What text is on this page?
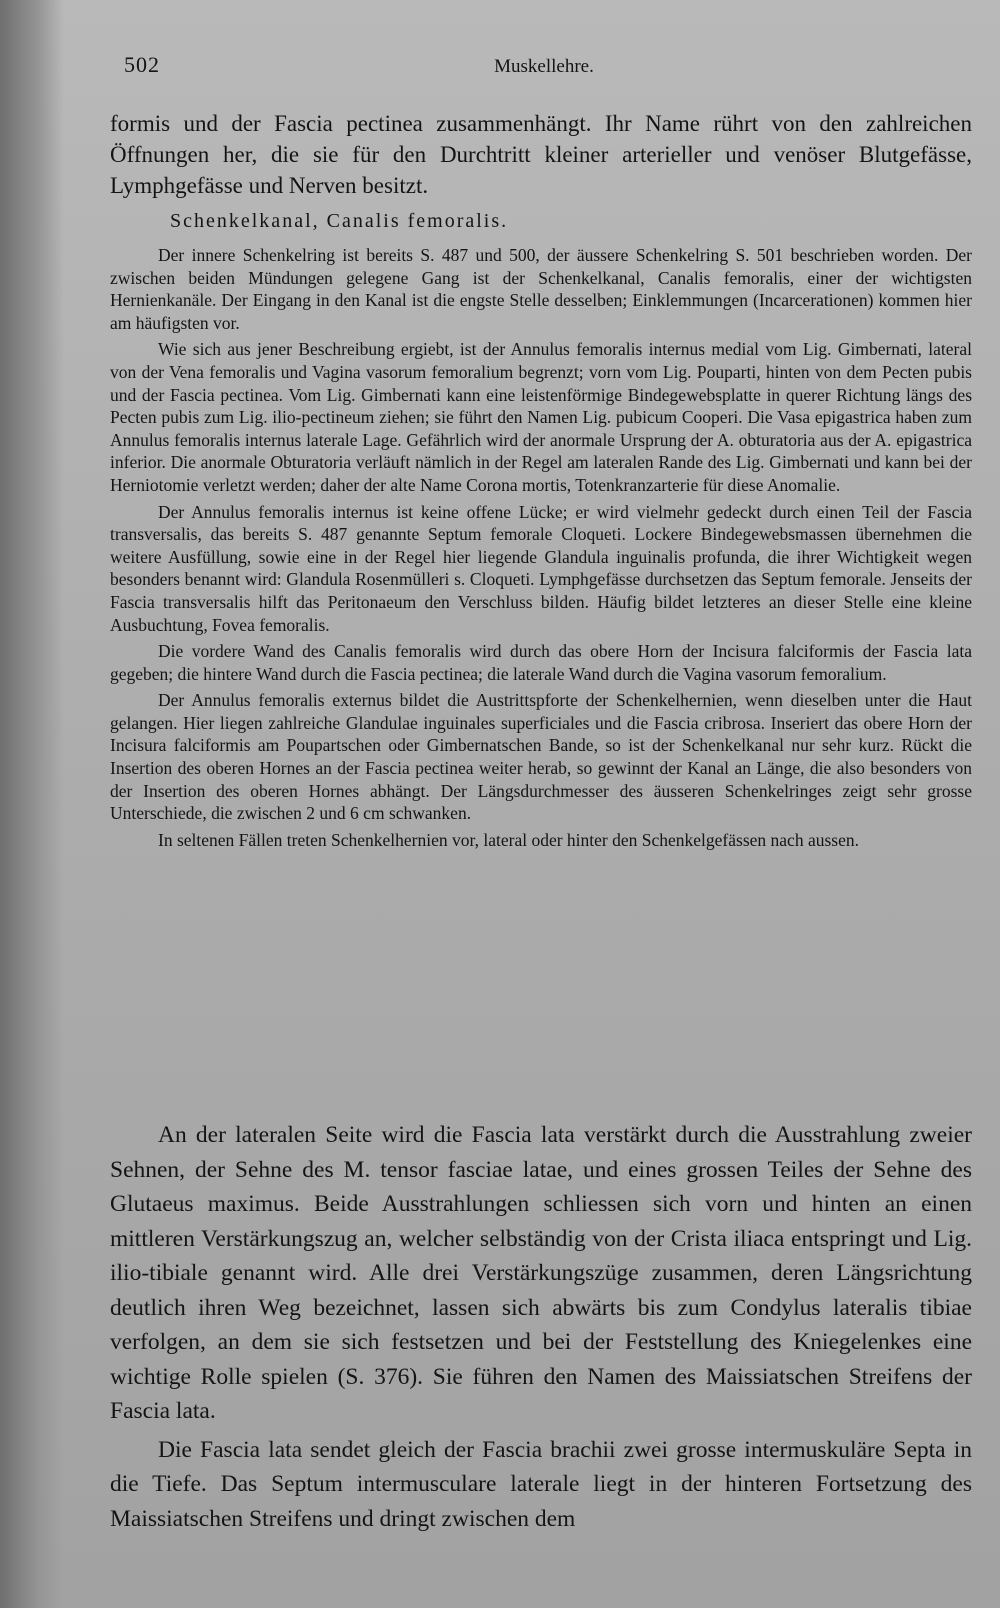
502	Muskellehre.
formis und der Fascia pectinea zusammenhängt. Ihr Name rührt von den zahlreichen Öffnungen her, die sie für den Durchtritt kleiner arterieller und venöser Blutgefässe, Lymphgefässe und Nerven besitzt.
Schenkelkanal, Canalis femoralis.

Der innere Schenkelring ist bereits S. 487 und 500, der äussere Schenkelring S. 501 beschrieben worden. Der zwischen beiden Mündungen gelegene Gang ist der Schenkelkanal, Canalis femoralis, einer der wichtigsten Hernienkanäle. Der Eingang in den Kanal ist die engste Stelle desselben; Einklemmungen (Incarcerationen) kommen hier am häufigsten vor.

Wie sich aus jener Beschreibung ergiebt, ist der Annulus femoralis internus medial vom Lig. Gimbernati, lateral von der Vena femoralis und Vagina vasorum femoralium begrenzt; vorn vom Lig. Pouparti, hinten von dem Pecten pubis und der Fascia pectinea. Vom Lig. Gimbernati kann eine leistenförmige Bindegewebsplatte in querer Richtung längs des Pecten pubis zum Lig. ilio-pectineum ziehen; sie führt den Namen Lig. pubicum Cooperi. Die Vasa epigastrica haben zum Annulus femoralis internus laterale Lage. Gefährlich wird der anormale Ursprung der A. obturatoria aus der A. epigastrica inferior. Die anormale Obturatoria verläuft nämlich in der Regel am lateralen Rande des Lig. Gimbernati und kann bei der Herniotomie verletzt werden; daher der alte Name Corona mortis, Totenkranzarterie für diese Anomalie.

Der Annulus femoralis internus ist keine offene Lücke; er wird vielmehr gedeckt durch einen Teil der Fascia transversalis, das bereits S. 487 genannte Septum femorale Cloqueti. Lockere Bindegewebsmassen übernehmen die weitere Ausfüllung, sowie eine in der Regel hier liegende Glandula inguinalis profunda, die ihrer Wichtigkeit wegen besonders benannt wird: Glandula Rosenmülleri s. Cloqueti. Lymphgefässe durchsetzen das Septum femorale. Jenseits der Fascia transversalis hilft das Peritonaeum den Verschluss bilden. Häufig bildet letzteres an dieser Stelle eine kleine Ausbuchtung, Fovea femoralis.

Die vordere Wand des Canalis femoralis wird durch das obere Horn der Incisura falciformis der Fascia lata gegeben; die hintere Wand durch die Fascia pectinea; die laterale Wand durch die Vagina vasorum femoralium.

Der Annulus femoralis externus bildet die Austrittspforte der Schenkelhernien, wenn dieselben unter die Haut gelangen. Hier liegen zahlreiche Glandulae inguinales superficiales und die Fascia cribrosa. Inseriert das obere Horn der Incisura falciformis am Poupartschen oder Gimbernatschen Bande, so ist der Schenkelkanal nur sehr kurz. Rückt die Insertion des oberen Hornes an der Fascia pectinea weiter herab, so gewinnt der Kanal an Länge, die also besonders von der Insertion des oberen Hornes abhängt. Der Längsdurchmesser des äusseren Schenkelringes zeigt sehr grosse Unterschiede, die zwischen 2 und 6 cm schwanken.

In seltenen Fällen treten Schenkelhernien vor, lateral oder hinter den Schenkelgefässen nach aussen.

An der lateralen Seite wird die Fascia lata verstärkt durch die Ausstrahlung zweier Sehnen, der Sehne des M. tensor fasciae latae, und eines grossen Teiles der Sehne des Glutaeus maximus. Beide Ausstrahlungen schliessen sich vorn und hinten an einen mittleren Verstärkungszug an, welcher selbständig von der Crista iliaca entspringt und Lig. ilio-tibiale genannt wird. Alle drei Verstärkungszüge zusammen, deren Längsrichtung deutlich ihren Weg bezeichnet, lassen sich abwärts bis zum Condylus lateralis tibiae verfolgen, an dem sie sich festsetzen und bei der Feststellung des Kniegelenkes eine wichtige Rolle spielen (S. 376). Sie führen den Namen des Maissiatschen Streifens der Fascia lata.

Die Fascia lata sendet gleich der Fascia brachii zwei grosse intermuskuläre Septa in die Tiefe. Das Septum intermusculare laterale liegt in der hinteren Fortsetzung des Maissiatschen Streifens und dringt zwischen dem
